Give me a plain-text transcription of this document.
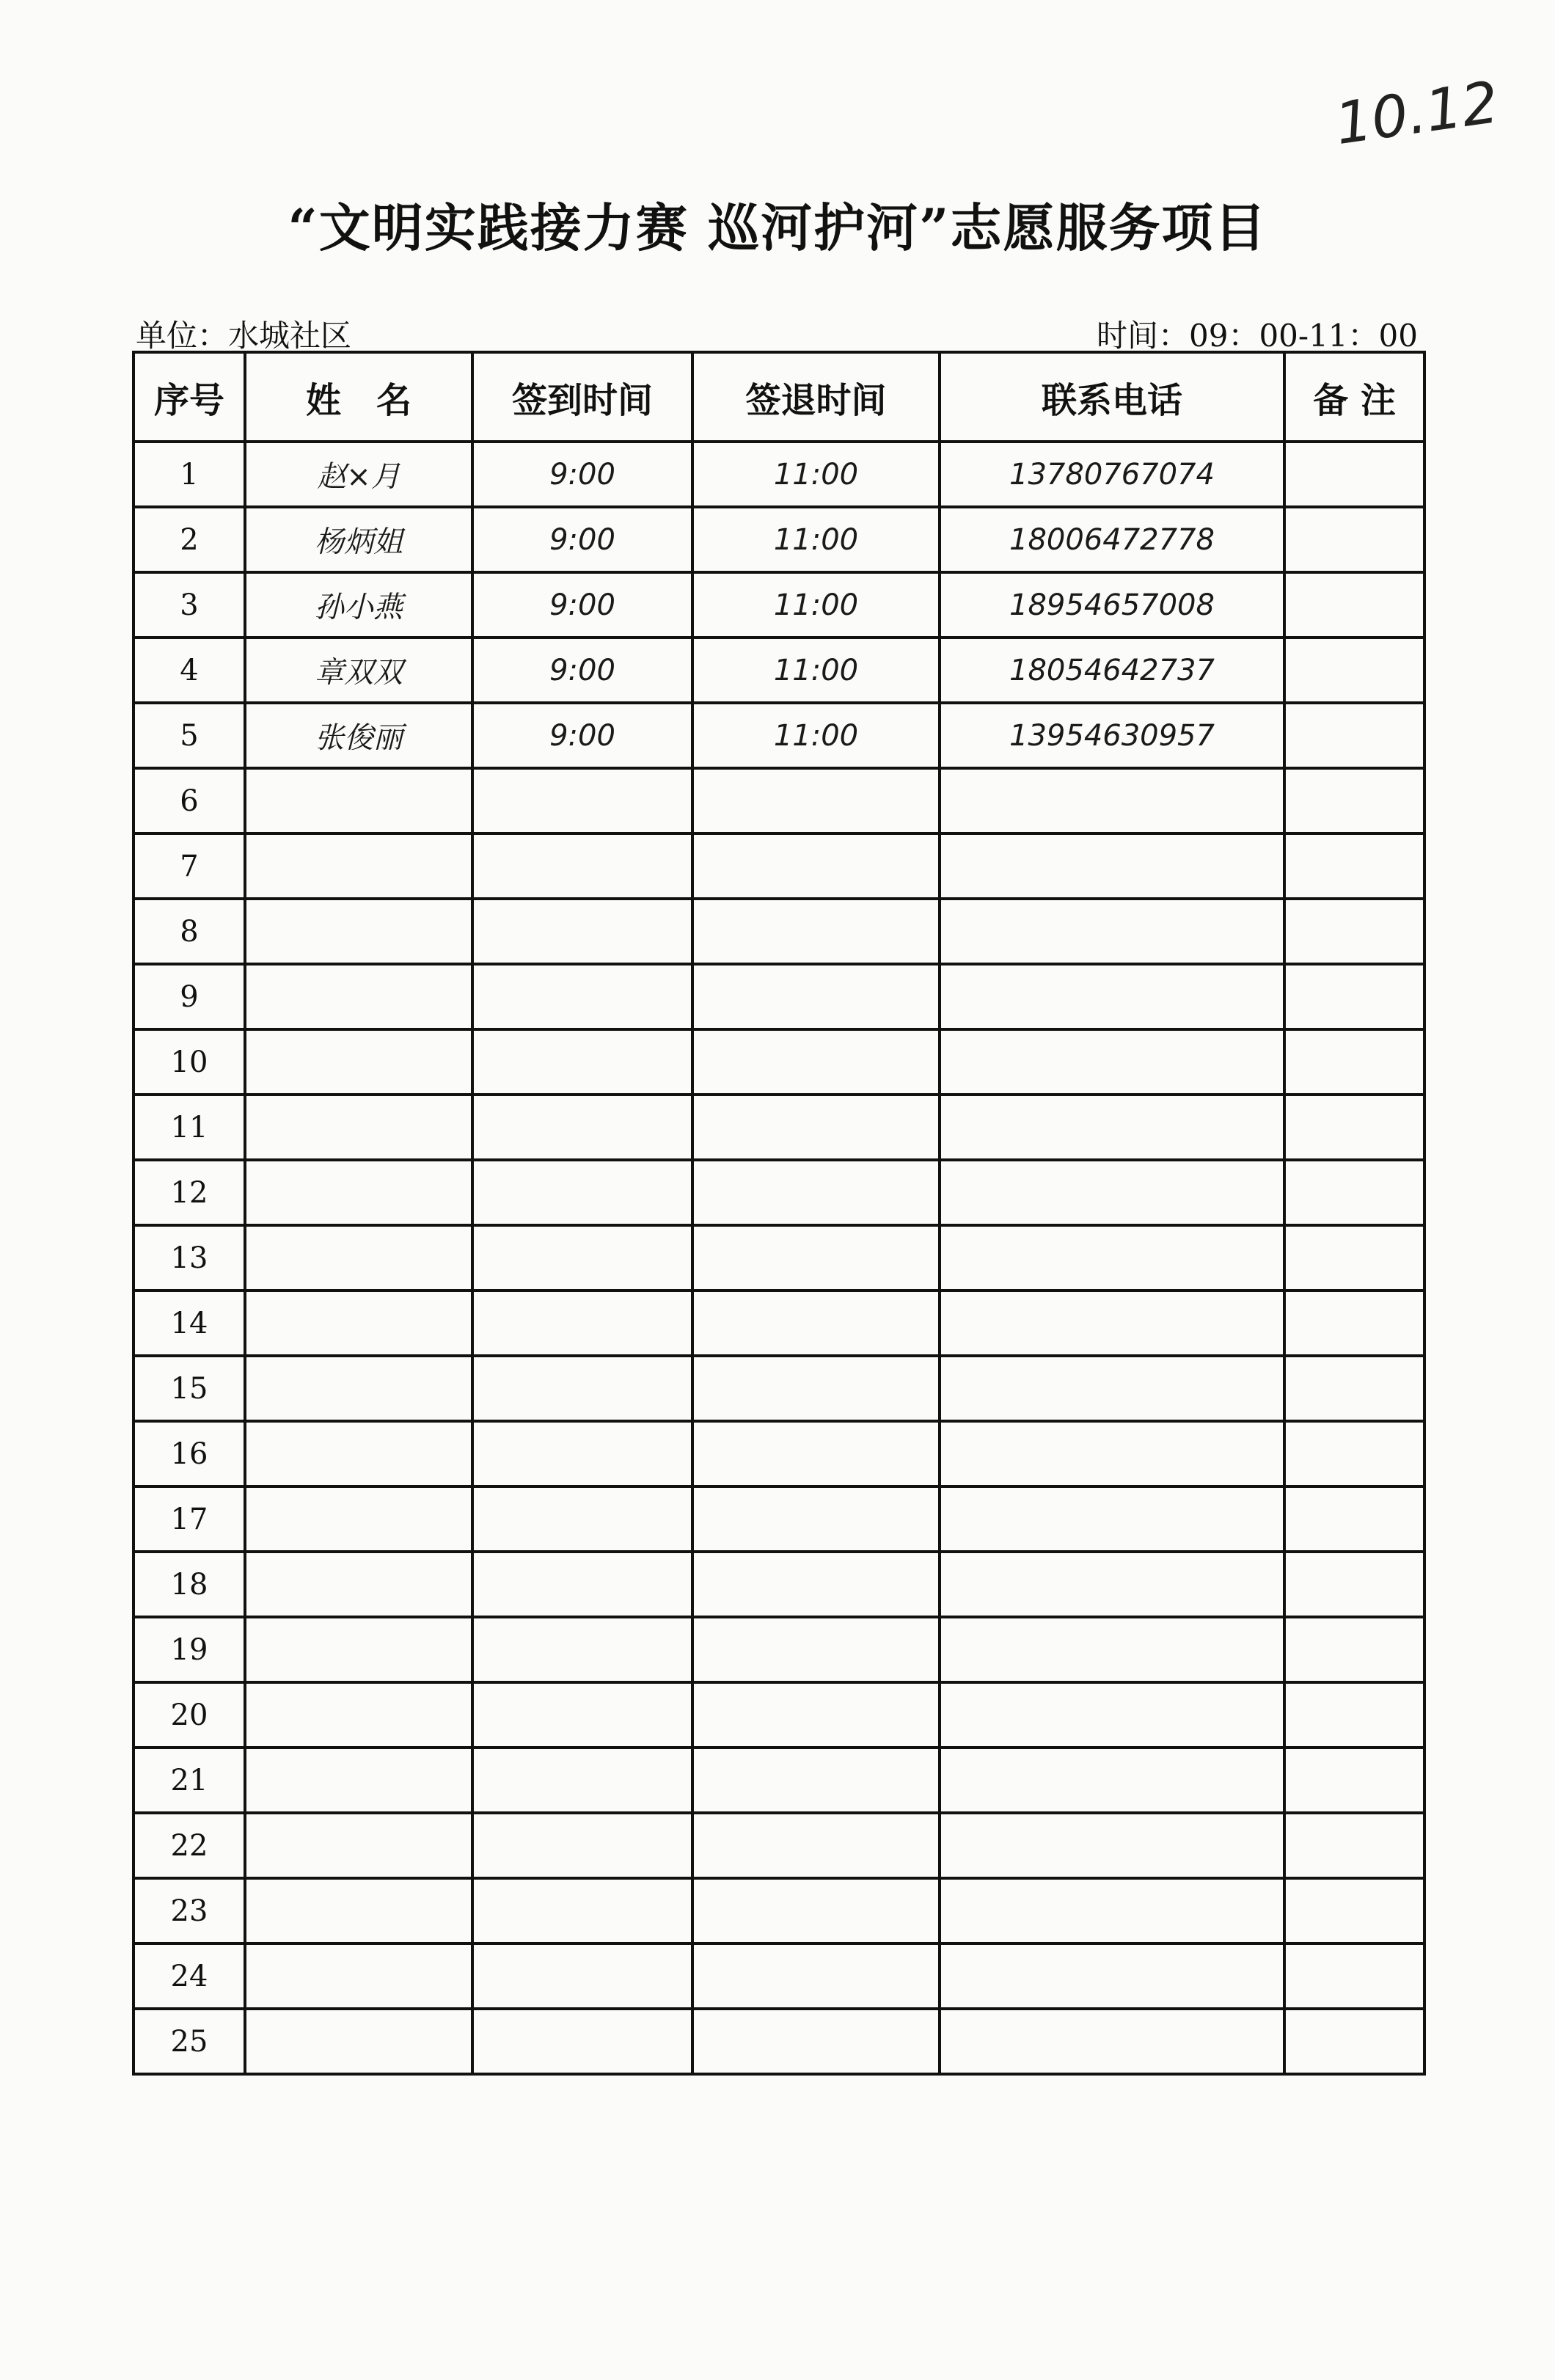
10.12
“文明实践接力赛 巡河护河”志愿服务项目
单位：水城社区	时间：09：00-11：00
序号	姓　名	签到时间	签退时间	联系电话	备 注
1	赵×月	9:00	11:00	13780767074	
2	杨炳姐	9:00	11:00	18006472778	
3	孙小燕	9:00	11:00	18954657008	
4	章双双	9:00	11:00	18054642737	
5	张俊丽	9:00	11:00	13954630957	
6					
7					
8					
9					
10					
11					
12					
13					
14					
15					
16					
17					
18					
19					
20					
21					
22					
23					
24					
25					
